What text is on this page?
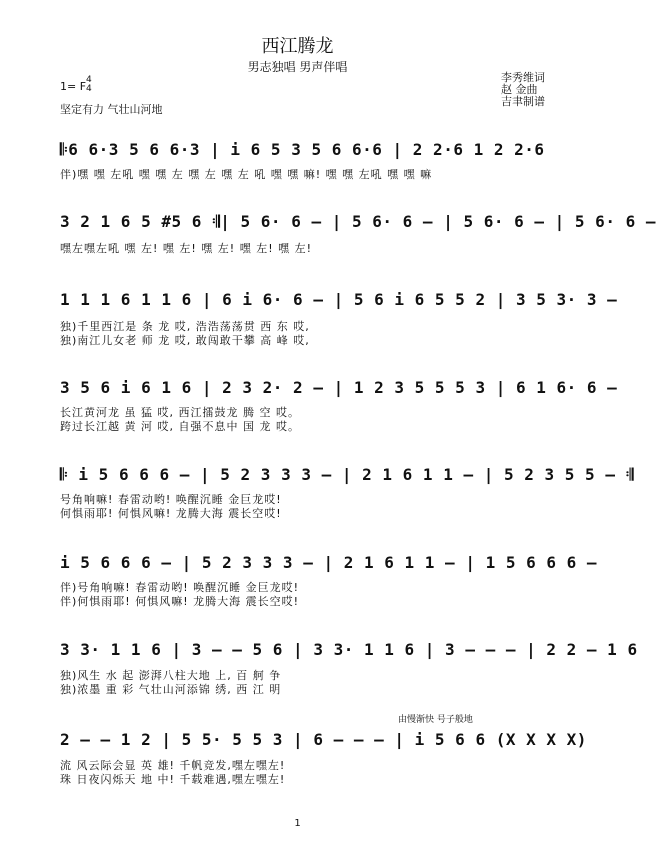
西江腾龙
男志独唱 男声伴唱
1= F 4
4
坚定有力 气壮山河地
李秀维词
赵 金曲
吉聿制谱
𝄆6 6·3 5 6 6·3 | i 6 5 3 5 6 6·6 | 2 2·6 1 2 2·6
伴)嘿 嘿 左吼 嘿 嘿 左 嘿 左 嘿 左 吼 嘿 嘿 嘛! 嘿 嘿 左吼 嘿 嘿 嘛
3 2 1 6 5 #5 6 𝄇| 5 6· 6 — | 5 6· 6 — | 5 6· 6 — | 5 6· 6 —
嘿左嘿左吼 嘿 左! 嘿 左! 嘿 左! 嘿 左! 嘿 左!
1 1 1 6 1 1 6 | 6 i 6· 6 — | 5 6 i 6 5 5 2 | 3 5 3· 3 —
独)千里西江是 条 龙 哎, 浩浩荡荡贯 西 东 哎,
独)南江儿女老 师 龙 哎, 敢闯敢干攀 高 峰 哎,
3 5 6 i 6 1 6 | 2 3 2· 2 — | 1 2 3 5 5 5 3 | 6 1 6· 6 —
长江黄河龙 虽 猛 哎, 西江擂鼓龙 腾 空 哎。
跨过长江越 黄 河 哎, 自强不息中 国 龙 哎。
𝄆 i 5 6 6 6 — | 5 2 3 3 3 — | 2 1 6 1 1 — | 5 2 3 5 5 — 𝄇
号角响嘛! 春雷动哟! 唤醒沉睡 金巨龙哎!
何惧雨耶! 何惧风嘛! 龙腾大海 震长空哎!
i 5 6 6 6 — | 5 2 3 3 3 — | 2 1 6 1 1 — | 1 5 6 6 6 —
伴)号角响嘛! 春雷动哟! 唤醒沉睡 金巨龙哎!
伴)何惧雨耶! 何惧风嘛! 龙腾大海 震长空哎!
3 3· 1 1 6 | 3 — — 5 6 | 3 3· 1 1 6 | 3 — — — | 2 2 — 1 6
独)风生 水 起 澎湃八柱大地 上, 百 舸 争
独)浓墨 重 彩 气壮山河添锦 绣, 西 江 明
由慢渐快 号子般地
2 — — 1 2 | 5 5· 5 5 3 | 6 — — — | i 5 6 6 (X X X X)
流 风云际会显 英 雄! 千帆竞发,嘿左嘿左!
珠 日夜闪烁天 地 中! 千载难遇,嘿左嘿左!
1
